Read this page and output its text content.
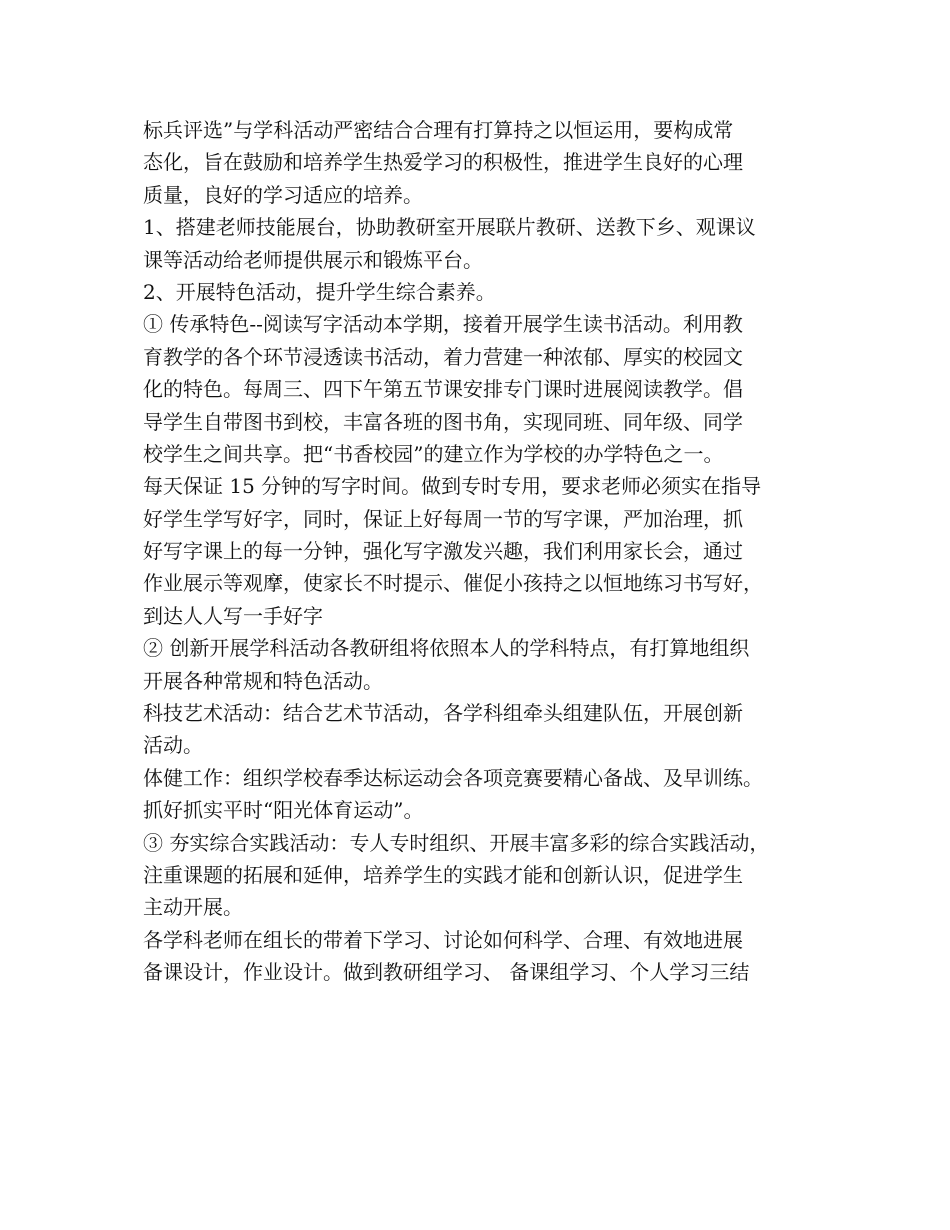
标兵评选”与学科活动严密结合合理有打算持之以恒运用，要构成常
态化，旨在鼓励和培养学生热爱学习的积极性，推进学生良好的心理
质量，良好的学习适应的培养。
1、搭建老师技能展台，协助教研室开展联片教研、送教下乡、观课议
课等活动给老师提供展示和锻炼平台。
2、开展特色活动，提升学生综合素养。
① 传承特色--阅读写字活动本学期，接着开展学生读书活动。利用教
育教学的各个环节浸透读书活动，着力营建一种浓郁、厚实的校园文
化的特色。每周三、四下午第五节课安排专门课时进展阅读教学。倡
导学生自带图书到校，丰富各班的图书角，实现同班、同年级、同学
校学生之间共享。把“书香校园”的建立作为学校的办学特色之一。
每天保证 15 分钟的写字时间。做到专时专用，要求老师必须实在指导
好学生学写好字，同时，保证上好每周一节的写字课，严加治理，抓
好写字课上的每一分钟，强化写字激发兴趣，我们利用家长会，通过
作业展示等观摩，使家长不时提示、催促小孩持之以恒地练习书写好，
到达人人写一手好字
② 创新开展学科活动各教研组将依照本人的学科特点，有打算地组织
开展各种常规和特色活动。
科技艺术活动：结合艺术节活动，各学科组牵头组建队伍，开展创新
活动。
体健工作：组织学校春季达标运动会各项竞赛要精心备战、及早训练。
抓好抓实平时“阳光体育运动”。
③ 夯实综合实践活动：专人专时组织、开展丰富多彩的综合实践活动，
注重课题的拓展和延伸，培养学生的实践才能和创新认识，促进学生
主动开展。
各学科老师在组长的带着下学习、讨论如何科学、合理、有效地进展
备课设计，作业设计。做到教研组学习、 备课组学习、个人学习三结
